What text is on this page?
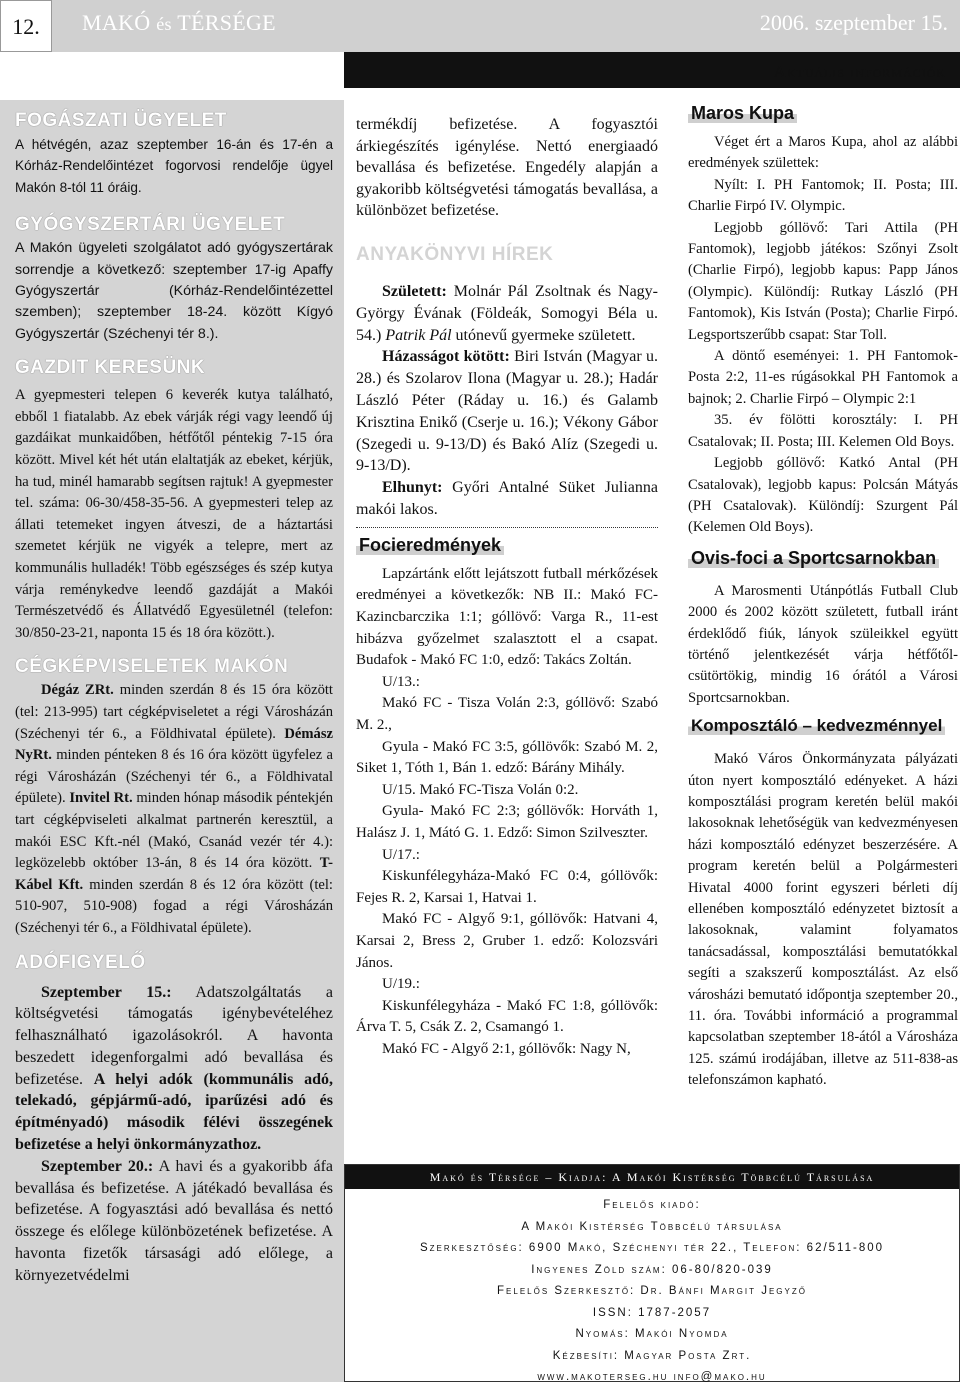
12.	MAKÓ és TÉRSÉGE	2006. szeptember 15.
Aktuális információk
FOGÁSZATI ÜGYELET

A hétvégén, azaz szeptember 16-án és 17-én a Kórház-Rendelőintézet fogorvosi rendelője ügyel Makón 8-tól 11 óráig.

GYÓGYSZERTÁRI ÜGYELET

A Makón ügyeleti szolgálatot adó gyógyszertárak sorrendje a következő: szeptember 17-ig Apaffy Gyógyszertár (Kórház-Rendelőintézettel szemben); szeptember 18-24. között Kígyó Gyógyszertár (Széchenyi tér 8.).

GAZDIT KERESÜNK

A gyepmesteri telepen 6 keverék kutya található, ebből 1 fiatalabb. Az ebek várják régi vagy leendő új gazdáikat munkaidőben, hétfőtől péntekig 7-15 óra között. Mivel két hét után elaltatják az ebeket, kérjük, ha tud, minél hamarabb segítsen rajtuk! A gyepmester tel. száma: 06-30/458-35-56. A gyepmesteri telep az állati tetemeket ingyen átveszi, de a háztartási szemetet kérjük ne vigyék a telepre, mert az kommunális hulladék! Több egészséges és szép kutya várja reménykedve leendő gazdáját a Makói Természetvédő és Állatvédő Egyesületnél (telefon: 30/850-23-21, naponta 15 és 18 óra között.).

CÉGKÉPVISELETEK MAKÓN

Dégáz ZRt. minden szerdán 8 és 15 óra között (tel: 213-995) tart cégképviseletet a régi Városházán (Széchenyi tér 6., a Földhivatal épülete). Démász NyRt. minden pénteken 8 és 16 óra között ügyfelez a régi Városházán (Széchenyi tér 6., a Földhivatal épülete). Invitel Rt. minden hónap második péntekjén tart cégképviseleti alkalmat partnerén keresztül, a makói ESC Kft.-nél (Makó, Csanád vezér tér 4.): legközelebb október 13-án, 8 és 14 óra között. T-Kábel Kft. minden szerdán 8 és 12 óra között (tel: 510-907, 510-908) fogad a régi Városházán (Széchenyi tér 6., a Földhivatal épülete).

ADÓFIGYELŐ

Szeptember 15.: Adatszolgáltatás a költségvetési támogatás igénybevételéhez felhasználható igazolásokról. A havonta beszedett idegenforgalmi adó bevallása és befizetése. A helyi adók (kommunális adó, telekadó, gépjármű-adó, iparűzési adó és építményadó) második félévi összegének befizetése a helyi önkormányzathoz.

Szeptember 20.: A havi és a gyakoribb áfa bevallása és befizetése. A játékadó bevallása és befizetése. A fogyasztási adó bevallása és nettó összege és előlege különbözetének befizetése. A havonta fizetők társasági adó előlege, a környezetvédelmi

termékdíj befizetése. A fogyasztói árkiegészítés igénylése. Nettó energiaadó bevallása és befizetése. Engedély alapján a gyakoribb költségvetési támogatás bevallása, a különbözet befizetése.

ANYAKÖNYVI HÍREK

Született: Molnár Pál Zsoltnak és Nagy-György Évának (Földeák, Somogyi Béla u. 54.) Patrik Pál utónevű gyermeke született.

Házasságot kötött: Biri István (Magyar u. 28.) és Szolarov Ilona (Magyar u. 28.); Hadár László Péter (Ráday u. 16.) és Galamb Krisztina Enikő (Cserje u. 16.); Vékony Gábor (Szegedi u. 9-13/D) és Bakó Alíz (Szegedi u. 9-13/D).

Elhunyt: Győri Antalné Süket Julianna makói lakos.

Focieredmények

Lapzártánk előtt lejátszott futball mérkőzések eredményei a következők: NB II.: Makó FC-Kazincbarczika 1:1; góllövő: Varga R., 11-est hibázva győzelmet szalasztott el a csapat. Budafok - Makó FC 1:0, edző: Takács Zoltán.

U/13.:

Makó FC - Tisza Volán 2:3, góllövő: Szabó M. 2.,

Gyula - Makó FC 3:5, góllövők: Szabó M. 2, Siket 1, Tóth 1, Bán 1. edző: Bárány Mihály.

U/15. Makó FC-Tisza Volán 0:2.

Gyula- Makó FC 2:3; góllövők: Horváth 1, Halász J. 1, Mátó G. 1. Edző: Simon Szilveszter.

U/17.:

Kiskunfélegyháza-Makó FC 0:4, góllövők: Fejes R. 2, Karsai 1, Hatvai 1.

Makó FC - Algyő 9:1, góllövők: Hatvani 4, Karsai 2, Bress 2, Gruber 1. edző: Kolozsvári János.

U/19.:

Kiskunfélegyháza - Makó FC 1:8, góllövők: Árva T. 5, Csák Z. 2, Csamangó 1.

Makó FC - Algyő 2:1, góllövők: Nagy N,

Maros Kupa

Véget ért a Maros Kupa, ahol az alábbi eredmények születtek:

Nyílt: I. PH Fantomok; II. Posta; III. Charlie Firpó IV. Olympic.

Legjobb góllövő: Tari Attila (PH Fantomok), legjobb játékos: Szőnyi Zsolt (Charlie Firpó), legjobb kapus: Papp János (Olympic). Különdíj: Rutkay László (PH Fantomok), Kis István (Posta); Charlie Firpó. Legsportszerűbb csapat: Star Toll.

A döntő eseményei: 1. PH Fantomok-Posta 2:2, 11-es rúgásokkal PH Fantomok a bajnok; 2. Charlie Firpó – Olympic 2:1

35. év fölötti korosztály: I. PH Csatalovak; II. Posta; III. Kelemen Old Boys.

Legjobb góllövő: Katkó Antal (PH Csatalovak), legjobb kapus: Polcsán Mátyás (PH Csatalovak). Különdíj: Szurgent Pál (Kelemen Old Boys).

Ovis-foci a Sportcsarnokban

A Marosmenti Utánpótlás Futball Club 2000 és 2002 között született, futball iránt érdeklődő fiúk, lányok szüleikkel együtt történő jelentkezését várja hétfőtől-csütörtökig, mindig 16 órától a Városi Sportcsarnokban.

Komposztáló – kedvezménnyel

Makó Város Önkormányzata pályázati úton nyert komposztáló edényeket. A házi komposztálási program keretén belül makói lakosoknak lehetőségük van kedvezményesen házi komposztáló edényzet beszerzésére. A program keretén belül a Polgármesteri Hivatal 4000 forint egyszeri bérleti díj ellenében komposztáló edényzetet biztosít a lakosoknak, valamint folyamatos tanácsadással, komposztálási bemutatókkal segíti a szakszerű komposztálást. Az első városházi bemutató időpontja szeptember 20., 11. óra. További információ a programmal kapcsolatban szeptember 18-ától a Városháza 125. számú irodájában, illetve az 511-838-as telefonszámon kapható.

Makó és Térsége – Kiadja: A Makói Kistérség Többcélú Társulása
Felelős kiadó:
A Makói Kistérség Többcélú társulása
Szerkesztőség: 6900 Makó, Széchenyi tér 22., Telefon: 62/511-800
Ingyenes Zöld szám: 06-80/820-039
Felelős Szerkesztő: Dr. Bánfi Margit Jegyző
ISSN: 1787-2057
Nyomás: Makói Nyomda
Kézbesíti: Magyar Posta Zrt.
www.makoterseg.hu info@mako.hu
